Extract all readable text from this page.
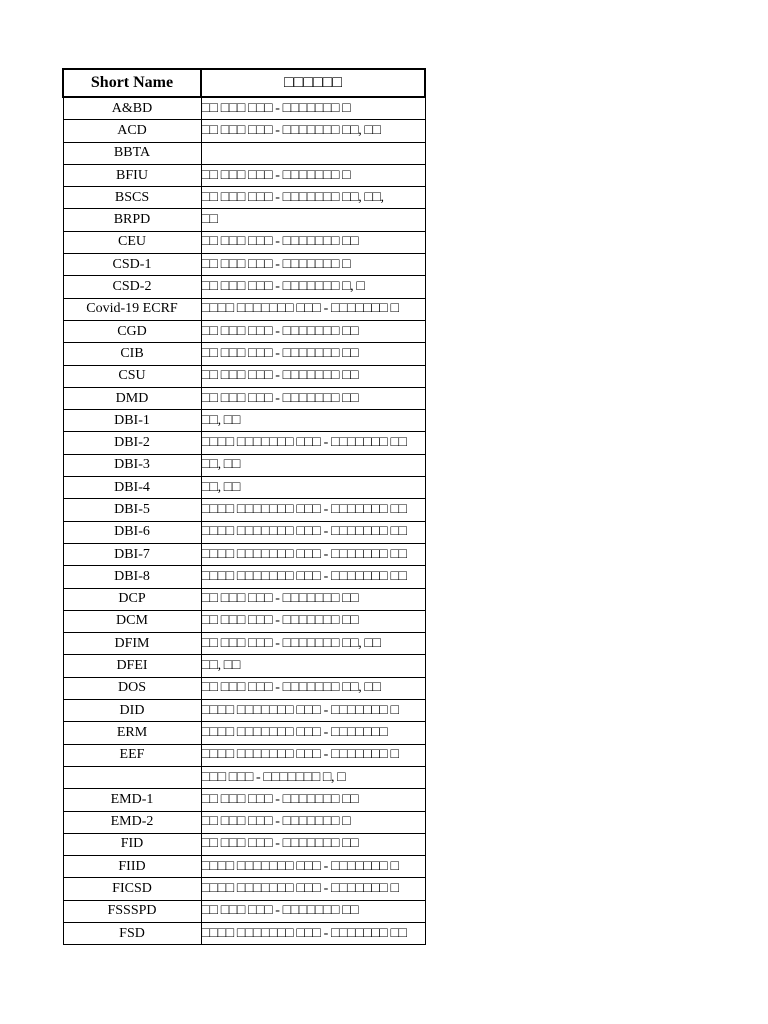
Short Name	□□□□□□
A&BD	□□ □□□ □□□ - □□□□□□□ □
ACD	□□ □□□ □□□ - □□□□□□□ □□, □□
BBTA	
BFIU	□□ □□□ □□□ - □□□□□□□ □
BSCS	□□ □□□ □□□ - □□□□□□□ □□, □□,
BRPD	□□
CEU	□□ □□□ □□□ - □□□□□□□ □□
CSD-1	□□ □□□ □□□ - □□□□□□□ □
CSD-2	□□ □□□ □□□ - □□□□□□□ □, □
Covid-19 ECRF	□□□□ □□□□□□□ □□□ - □□□□□□□ □
CGD	□□ □□□ □□□ - □□□□□□□ □□
CIB	□□ □□□ □□□ - □□□□□□□ □□
CSU	□□ □□□ □□□ - □□□□□□□ □□
DMD	□□ □□□ □□□ - □□□□□□□ □□
DBI-1	□□, □□
DBI-2	□□□□ □□□□□□□ □□□ - □□□□□□□ □□
DBI-3	□□, □□
DBI-4	□□, □□
DBI-5	□□□□ □□□□□□□ □□□ - □□□□□□□ □□
DBI-6	□□□□ □□□□□□□ □□□ - □□□□□□□ □□
DBI-7	□□□□ □□□□□□□ □□□ - □□□□□□□ □□
DBI-8	□□□□ □□□□□□□ □□□ - □□□□□□□ □□
DCP	□□ □□□ □□□ - □□□□□□□ □□
DCM	□□ □□□ □□□ - □□□□□□□ □□
DFIM	□□ □□□ □□□ - □□□□□□□ □□, □□
DFEI	□□, □□
DOS	□□ □□□ □□□ - □□□□□□□ □□, □□
DID	□□□□ □□□□□□□ □□□ - □□□□□□□ □
ERM	□□□□ □□□□□□□ □□□ - □□□□□□□
EEF	□□□□ □□□□□□□ □□□ - □□□□□□□ □
	□□□ □□□ - □□□□□□□ □, □
EMD-1	□□ □□□ □□□ - □□□□□□□ □□
EMD-2	□□ □□□ □□□ - □□□□□□□ □
FID	□□ □□□ □□□ - □□□□□□□ □□
FIID	□□□□ □□□□□□□ □□□ - □□□□□□□ □
FICSD	□□□□ □□□□□□□ □□□ - □□□□□□□ □
FSSSPD	□□ □□□ □□□ - □□□□□□□ □□
FSD	□□□□ □□□□□□□ □□□ - □□□□□□□ □□
